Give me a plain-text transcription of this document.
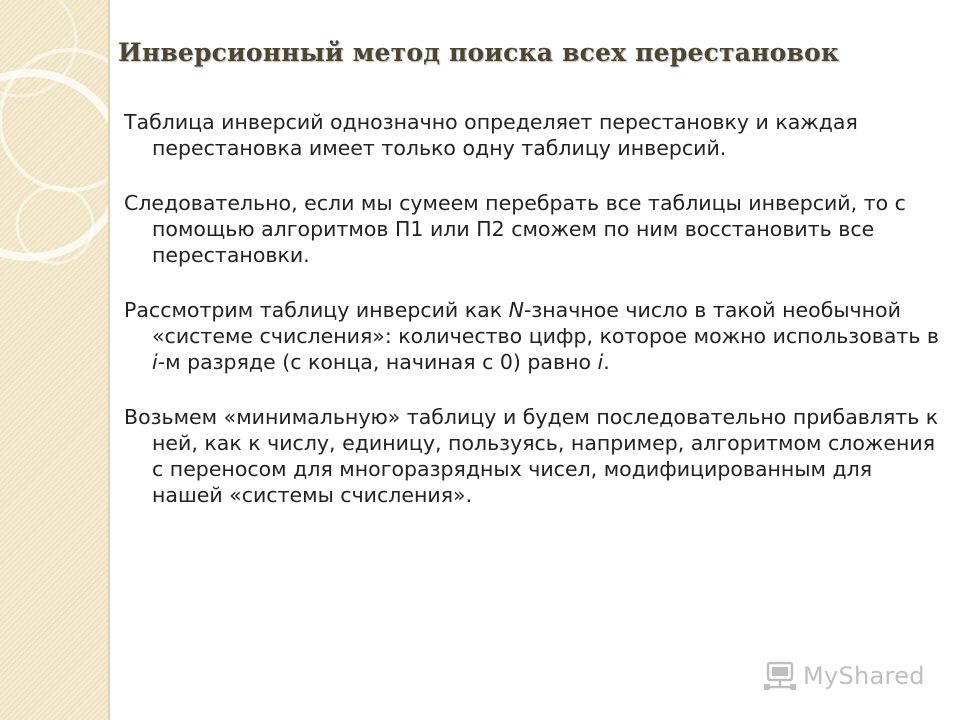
Инверсионный метод поиска всех перестановок

Таблица инверсий однозначно определяет перестановку и каждая перестановка имеет только одну таблицу инверсий.

Следовательно, если мы сумеем перебрать все таблицы инверсий, то с помощью алгоритмов П1 или П2 сможем по ним восстановить все перестановки.

Рассмотрим таблицу инверсий как N-значное число в такой необычной «системе счисления»: количество цифр, которое можно использовать в i-м разряде (с конца, начиная с 0) равно i.

Возьмем «минимальную» таблицу и будем последовательно прибавлять к ней, как к числу, единицу, пользуясь, например, алгоритмом сложения с переносом для многоразрядных чисел, модифицированным для нашей «системы счисления».

MyShared
